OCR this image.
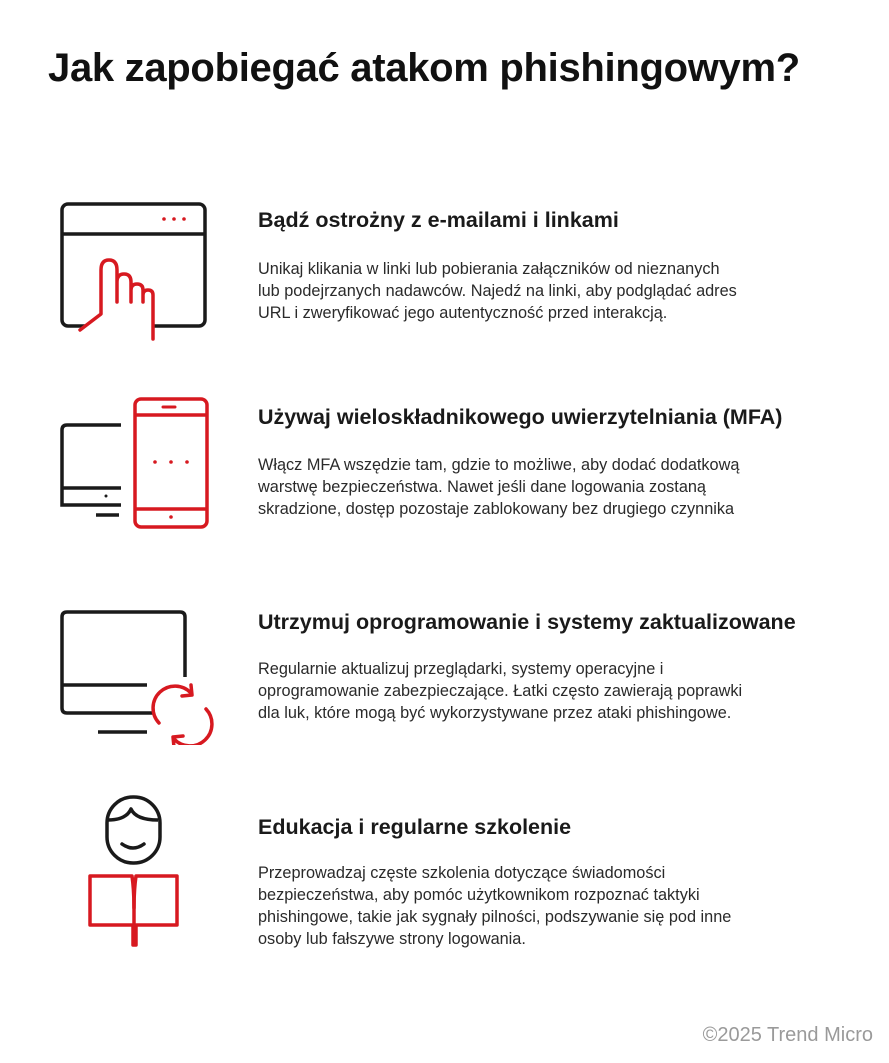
Jak zapobiegać atakom phishingowym?
Bądź ostrożny z e-mailami i linkami
Unikaj klikania w linki lub pobierania załączników od nieznanych
lub podejrzanych nadawców. Najedź na linki, aby podglądać adres
URL i zweryfikować jego autentyczność przed interakcją.
Używaj wieloskładnikowego uwierzytelniania (MFA)
Włącz MFA wszędzie tam, gdzie to możliwe, aby dodać dodatkową
warstwę bezpieczeństwa. Nawet jeśli dane logowania zostaną
skradzione, dostęp pozostaje zablokowany bez drugiego czynnika
Utrzymuj oprogramowanie i systemy zaktualizowane
Regularnie aktualizuj przeglądarki, systemy operacyjne i
oprogramowanie zabezpieczające. Łatki często zawierają poprawki
dla luk, które mogą być wykorzystywane przez ataki phishingowe.
Edukacja i regularne szkolenie
Przeprowadzaj częste szkolenia dotyczące świadomości
bezpieczeństwa, aby pomóc użytkownikom rozpoznać taktyki
phishingowe, takie jak sygnały pilności, podszywanie się pod inne
osoby lub fałszywe strony logowania.
©2025 Trend Micro
